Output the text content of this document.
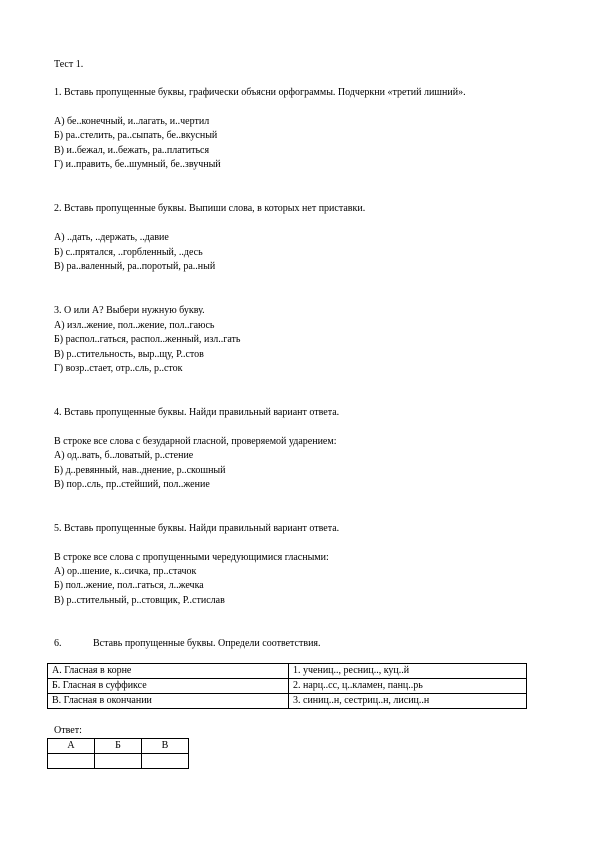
Тест 1.
1. Вставь пропущенные буквы, графически объясни орфограммы. Подчеркни «третий лишний».
А) бе..конечный, и..лагать, и..чертил
Б) ра..стелить, ра..сыпать, бе..вкусный
В) и..бежал, и..бежать, ра..платиться
Г) и..править, бе..шумный, бе..звучный
2. Вставь пропущенные буквы. Выпиши слова, в которых нет приставки.
А) ..дать, ..держать, ..давие
Б) с..прятался, ..горбленный, ..десь
В) ра..валенный, ра..поротый, ра..ный
3. О или А? Выбери нужную букву.
А) изл..жение, пол..жение, пол..гаюсь
Б) распол..гаться, распол..женный, изл..гать
В) р..стительность, выр..щу, Р..стов
Г) возр..стает, отр..сль, р..сток
4. Вставь пропущенные буквы. Найди правильный вариант ответа.
В строке все слова с безударной гласной, проверяемой ударением:
А) од..вать, б..ловатый, р..стение
Б) д..ревянный, нав..днение, р..скошный
В) пор..сль, пр..стейший, пол..жение
5. Вставь пропущенные буквы. Найди правильный вариант ответа.
В строке все слова с пропущенными чередующимися гласными:
А) ор..шение, к..сичка, пр..стачок
Б) пол..жение, пол..гаться, л..жечка
В) р..стительный, р..стовщик, Р..стислав
6.	Вставь пропущенные буквы. Определи соответствия.
А. Гласная в корне	1. учениц.., ресниц.., куц..й
Б. Гласная в суффиксе	2. нарц..сс, ц..кламен, панц..рь
В. Гласная в окончании	3. синиц..н, сестриц..н, лисиц..н
Ответ:
А	Б	В
